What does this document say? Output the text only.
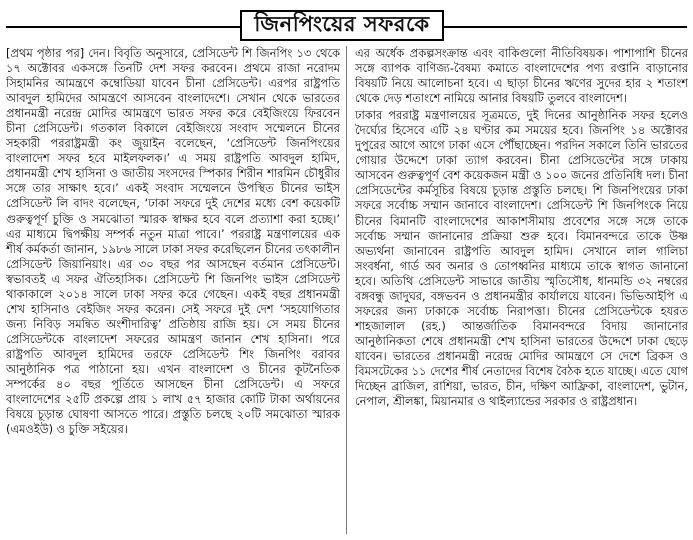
জিনপিংয়ের সফরকে

[প্রথম পৃষ্ঠার পর] দেন। বিবৃতি অনুসারে, প্রেসিডেন্ট শি জিনপিং ১৩ থেকে ১৭ অক্টোবর একসঙ্গে তিনটি দেশ সফর করবেন। প্রথমে রাজা নরোদম সিহামনির আমন্ত্রণে কম্বোডিয়া যাবেন চীনা প্রেসিডেন্ট। এরপর রাষ্ট্রপতি আবদুল হামিদের আমন্ত্রণে আসবেন বাংলাদেশে। সেখান থেকে ভারতের প্রধানমন্ত্রী নরেন্দ্র মোদির আমন্ত্রণে ভারত সফর করে বেইজিংয়ে ফিরবেন চীনা প্রেসিডেন্ট। গতকাল বিকালে বেইজিংয়ে সংবাদ সম্মেলনে চীনের সহকারী পররাষ্ট্রমন্ত্রী কং জুয়াইন বলেছেন, ‘প্রেসিডেন্ট জিনপিংয়ের বাংলাদেশ সফর হবে মাইলফলক।’ এ সময় রাষ্ট্রপতি আবদুল হামিদ, প্রধানমন্ত্রী শেখ হাসিনা ও জাতীয় সংসদের স্পিকার শিরীন শারমিন চৌধুরীর সঙ্গে তার সাক্ষাৎ হবে।’ একই সংবাদ সম্মেলনে উপস্থিত চীনের ভাইস প্রেসিডেন্ট লি বাদং বলেছেন, ‘ঢাকা সফরে দুই দেশের মধ্যে বেশ কয়েকটি গুরুত্বপূর্ণ চুক্তি ও সমঝোতা স্মারক স্বাক্ষর হবে বলে প্রত্যাশা করা হচ্ছে।’ এর মাধ্যমে দ্বিপক্ষীয় সম্পর্ক নতুন মাত্রা পাবে।’ পররাষ্ট্র মন্ত্রণালয়ের এক শীর্ষ কর্মকর্তা জানান, ১৯৮৬ সালে ঢাকা সফর করেছিলেন চীনের তৎকালীন প্রেসিডেন্ট জিয়ানিয়াং। এর ৩০ বছর পর আসছেন বর্তমান প্রেসিডেন্ট। স্বভাবতই এ সফর ঐতিহাসিক। প্রেসিডেন্ট শি জিনপিং ভাইস প্রেসিডেন্ট থাকাকালে ২০১৪ সালে ঢাকা সফর করে গেছেন। একই বছর প্রধানমন্ত্রী শেখ হাসিনাও বেইজিং সফর করেন। সেই সফরে দুই দেশ ‘সহযোগিতার জন্য নিবিড় সমন্বিত অংশীদারিত্ব’ প্রতিষ্ঠায় রাজি হয়। সে সময় চীনের প্রেসিডেন্টকে বাংলাদেশ সফরের আমন্ত্রণ জানান শেখ হাসিনা। পরে রাষ্ট্রপতি আবদুল হামিদের তরফে প্রেসিডেন্ট শিং জিনপিং বরাবর আনুষ্ঠানিক পত্র পাঠানো হয়। এখন বাংলাদেশ ও চীনের কূটনৈতিক সম্পর্কের ৪০ বছর পূর্তিতে আসছেন চীনা প্রেসিডেন্ট। এ সফরে বাংলাদেশের ২৫টি প্রকল্পে প্রায় ১ লাখ ৫৭ হাজার কোটি টাকা অর্থায়নের বিষয়ে চূড়ান্ত ঘোষণা আসতে পারে। প্রস্তুতি চলছে ২০টি সমঝোতা স্মারক (এমওইউ) ও চুক্তি সইয়ের।

এর অর্ধেক প্রকল্পসংক্রান্ত এবং বাকিগুলো নীতিবিষয়ক। পাশাপাশি চীনের সঙ্গে ব্যাপক বাণিজ্য-বৈষম্য কমাতে বাংলাদেশের পণ্য রপ্তানি বাড়ানোর বিষয়টি নিয়ে আলোচনা হবে। এ ছাড়া চীনের ঋণের সুদের হার ২ শতাংশ থেকে দেড় শতাংশে নামিয়ে আনার বিষয়টি তুলবে বাংলাদেশ।

ঢাকার পররাষ্ট্র মন্ত্রণালয়ের সূত্রমতে, দুই দিনের আনুষ্ঠানিক সফর হলেও দৈর্ঘ্যের হিসেবে এটি ২৪ ঘণ্টার কম সময়ের হবে। জিনপিং ১৪ অক্টোবর দুপুরের আগে আগে ঢাকা এসে পৌঁছাচ্ছেন। পরদিন সকালে তিনি ভারতের গোয়ার উদ্দেশে ঢাকা ত্যাগ করবেন। চীনা প্রেসিডেন্টের সঙ্গে ঢাকায় আসবেন গুরুত্বপূর্ণ বেশ কয়েকজন মন্ত্রী ও ১০০ জনের প্রতিনিধি দল। চীনা প্রেসিডেন্টের কর্মসূচির বিষয়ে চূড়ান্ত প্রস্তুতি চলছে। শি জিনপিংয়ের ঢাকা সফরে সর্বোচ্চ সম্মান জানাবে বাংলাদেশ। প্রেসিডেন্ট শি জিনপিংকে নিয়ে চীনের বিমানটি বাংলাদেশের আকাশসীমায় প্রবেশের সঙ্গে সঙ্গে তাকে সর্বোচ্চ সম্মান জানানোর প্রক্রিয়া শুরু হবে। বিমানবন্দরে তাকে উষ্ণ অভ্যর্থনা জানাবেন রাষ্ট্রপতি আবদুল হামিদ। সেখানে লাল গালিচা সংবর্ধনা, গার্ড অব অনার ও তোপধ্বনির মাধ্যমে তাকে স্বাগত জানানো হবে। অতিথি প্রেসিডেন্ট সাভারে জাতীয় স্মৃতিসৌধ, ধানমন্ডি ৩২ নম্বরের বঙ্গবন্ধু জাদুঘর, বঙ্গভবন ও প্রধানমন্ত্রীর কার্যালয়ে যাবেন। ভিভিআইপি এ সফরের জন্য ঢাকাকে সর্বোচ্চ নিরাপত্তা। চীনের প্রেসিডেন্টকে হযরত শাহজালাল (রহ.) আন্তর্জাতিক বিমানবন্দরে বিদায় জানানোর আনুষ্ঠানিকতা শেষে প্রধানমন্ত্রী শেখ হাসিনা ভারতের উদ্দেশে ঢাকা ছেড়ে যাবেন। ভারতের প্রধানমন্ত্রী নরেন্দ্র মোদির আমন্ত্রণে সে দেশে ব্রিকস ও বিমসটেকের ১১ দেশের শীর্ষ নেতাদের বিশেষ বৈঠক হতে যাচ্ছে। এতে যোগ দিচ্ছেন ব্রাজিল, রাশিয়া, ভারত, চীন, দক্ষিণ আফ্রিকা, বাংলাদেশ, ভুটান, নেপাল, শ্রীলঙ্কা, মিয়ানমার ও থাইল্যান্ডের সরকার ও রাষ্ট্রপ্রধান।
